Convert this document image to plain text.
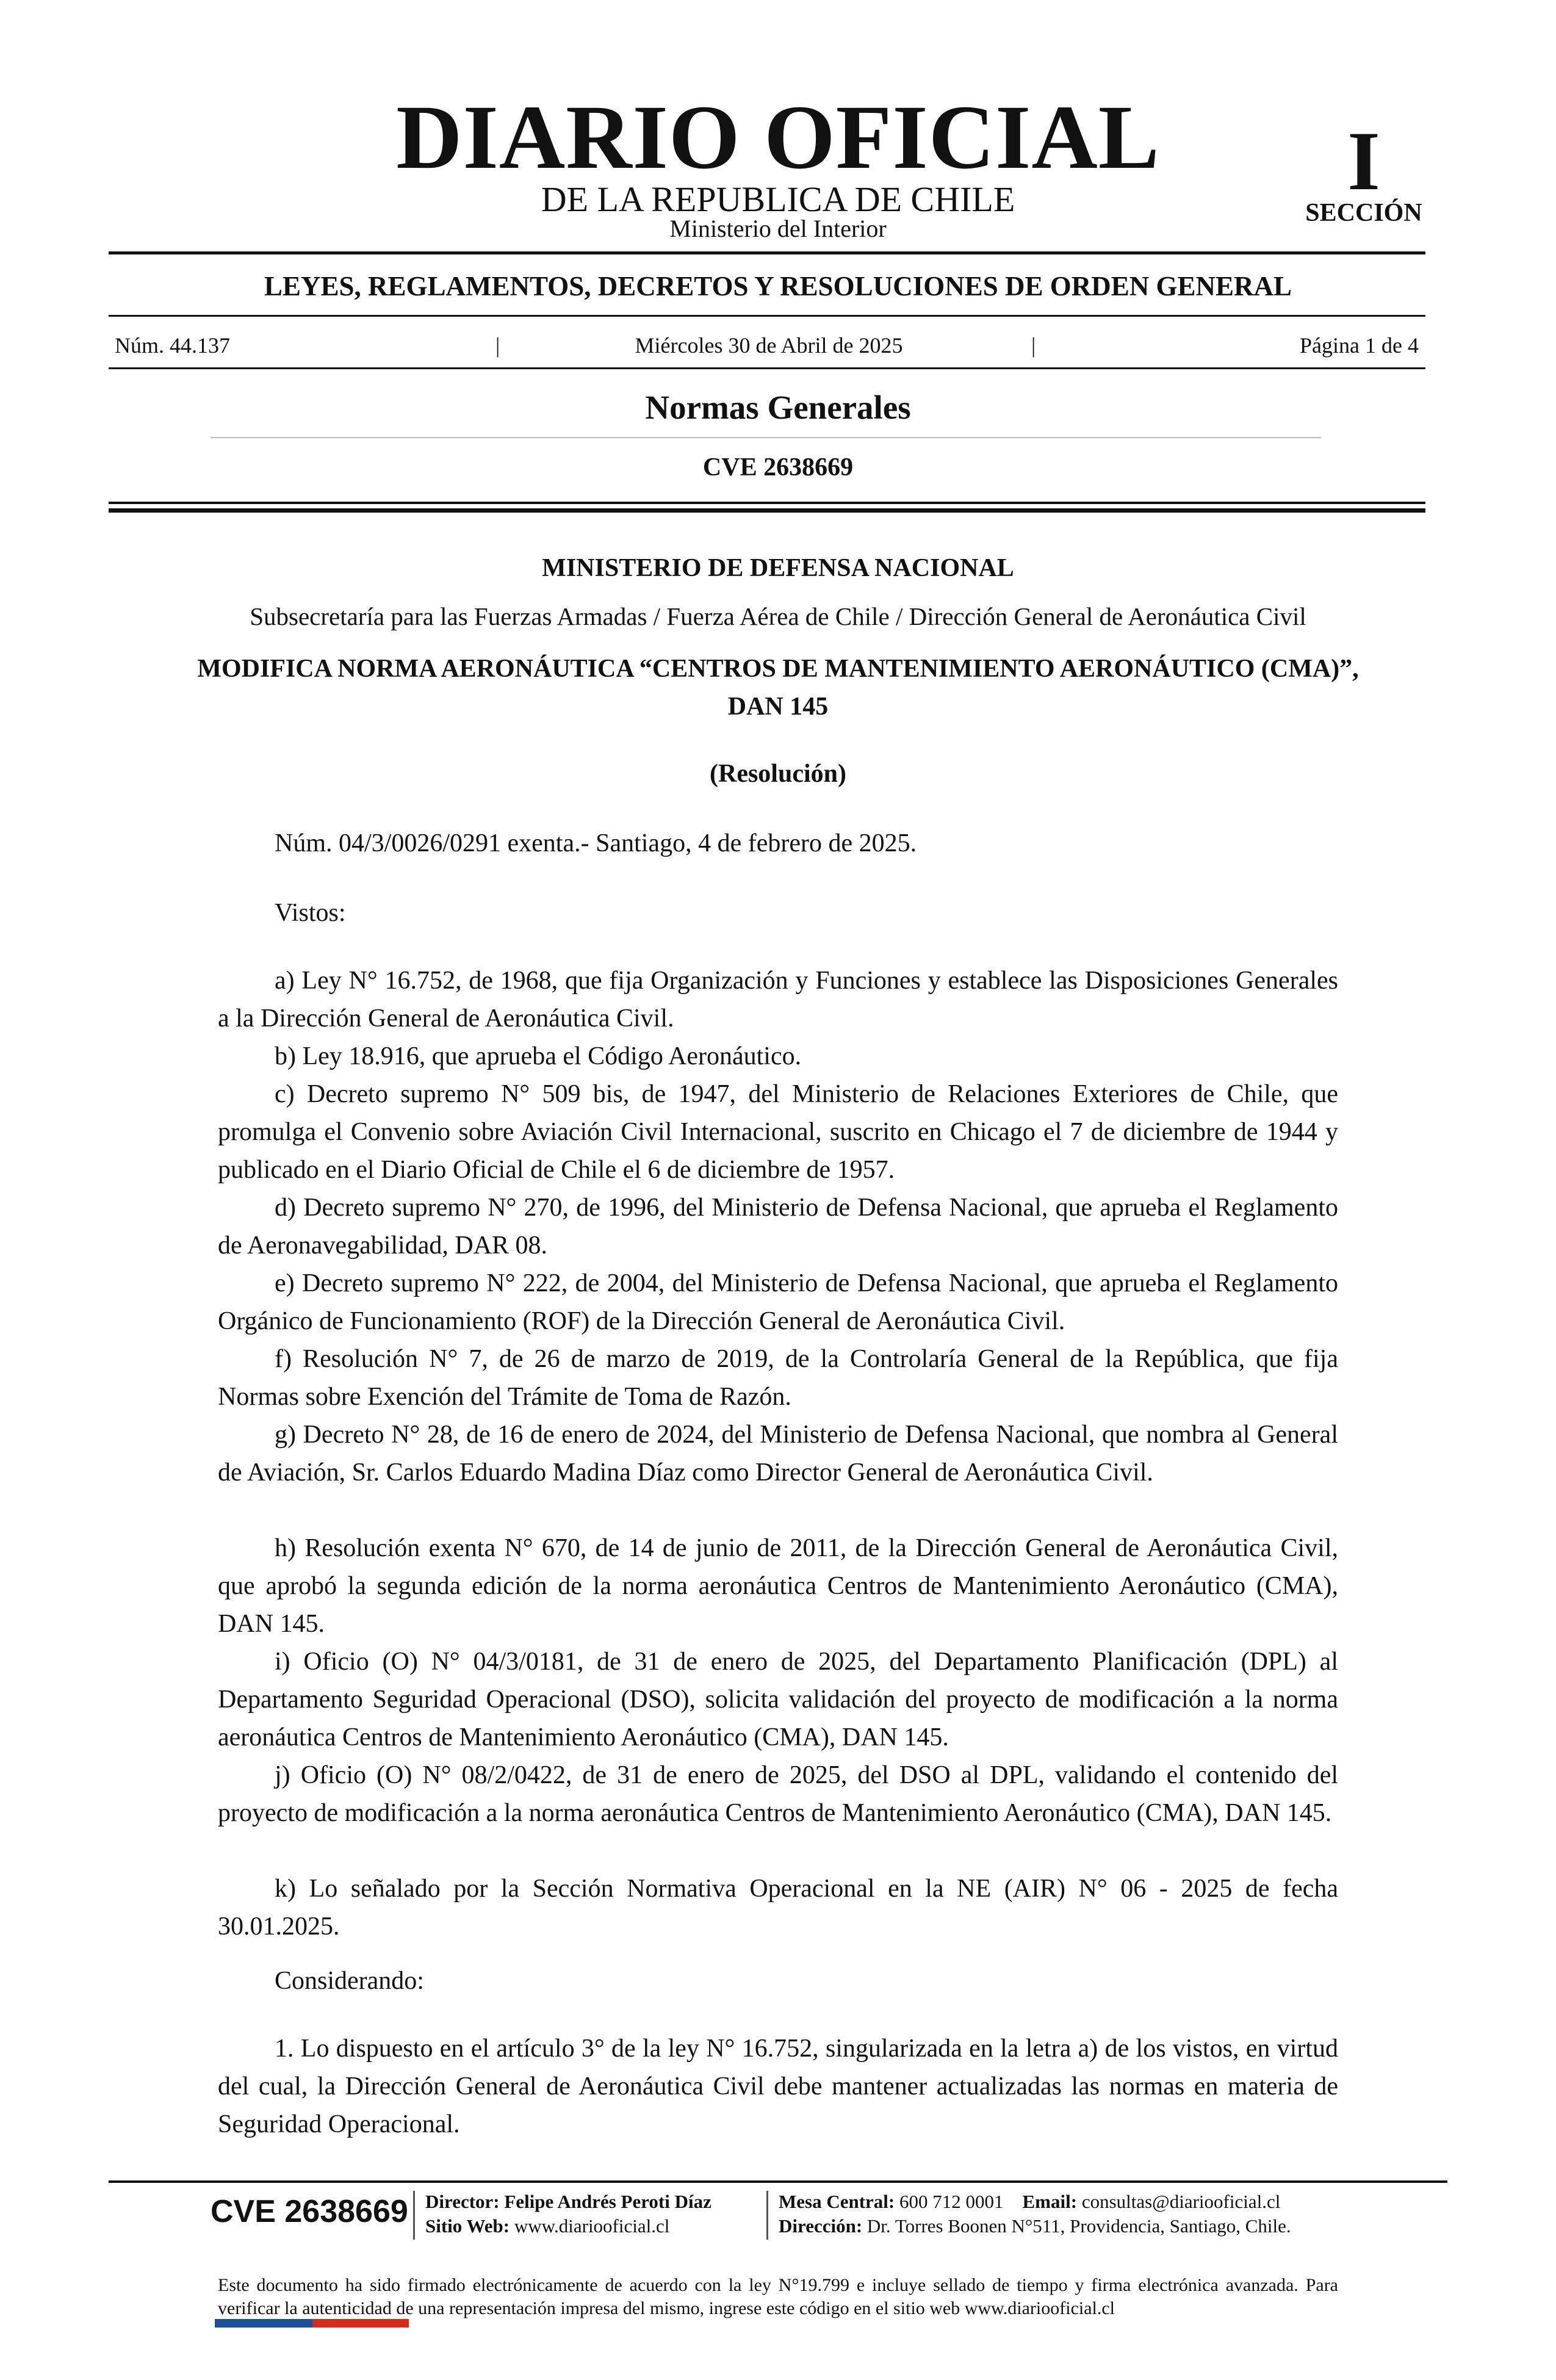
DIARIO OFICIAL
DE LA REPUBLICA DE CHILE
Ministerio del Interior
I
SECCIÓN
LEYES, REGLAMENTOS, DECRETOS Y RESOLUCIONES DE ORDEN GENERAL
Núm. 44.137	|	Miércoles 30 de Abril de 2025	|	Página 1 de 4
Normas Generales
CVE 2638669
MINISTERIO DE DEFENSA NACIONAL
Subsecretaría para las Fuerzas Armadas / Fuerza Aérea de Chile / Dirección General de Aeronáutica Civil
MODIFICA NORMA AERONÁUTICA “CENTROS DE MANTENIMIENTO AERONÁUTICO (CMA)”, DAN 145
(Resolución)
Núm. 04/3/0026/0291 exenta.- Santiago, 4 de febrero de 2025.
Vistos:
a) Ley N° 16.752, de 1968, que fija Organización y Funciones y establece las Disposiciones Generales a la Dirección General de Aeronáutica Civil.
b) Ley 18.916, que aprueba el Código Aeronáutico.
c) Decreto supremo N° 509 bis, de 1947, del Ministerio de Relaciones Exteriores de Chile, que promulga el Convenio sobre Aviación Civil Internacional, suscrito en Chicago el 7 de diciembre de 1944 y publicado en el Diario Oficial de Chile el 6 de diciembre de 1957.
d) Decreto supremo N° 270, de 1996, del Ministerio de Defensa Nacional, que aprueba el Reglamento de Aeronavegabilidad, DAR 08.
e) Decreto supremo N° 222, de 2004, del Ministerio de Defensa Nacional, que aprueba el Reglamento Orgánico de Funcionamiento (ROF) de la Dirección General de Aeronáutica Civil.
f) Resolución N° 7, de 26 de marzo de 2019, de la Controlaría General de la República, que fija Normas sobre Exención del Trámite de Toma de Razón.
g) Decreto N° 28, de 16 de enero de 2024, del Ministerio de Defensa Nacional, que nombra al General de Aviación, Sr. Carlos Eduardo Madina Díaz como Director General de Aeronáutica Civil.
h) Resolución exenta N° 670, de 14 de junio de 2011, de la Dirección General de Aeronáutica Civil, que aprobó la segunda edición de la norma aeronáutica Centros de Mantenimiento Aeronáutico (CMA), DAN 145.
i) Oficio (O) N° 04/3/0181, de 31 de enero de 2025, del Departamento Planificación (DPL) al Departamento Seguridad Operacional (DSO), solicita validación del proyecto de modificación a la norma aeronáutica Centros de Mantenimiento Aeronáutico (CMA), DAN 145.
j) Oficio (O) N° 08/2/0422, de 31 de enero de 2025, del DSO al DPL, validando el contenido del proyecto de modificación a la norma aeronáutica Centros de Mantenimiento Aeronáutico (CMA), DAN 145.
k) Lo señalado por la Sección Normativa Operacional en la NE (AIR) N° 06 - 2025 de fecha 30.01.2025.
Considerando:
1. Lo dispuesto en el artículo 3° de la ley N° 16.752, singularizada en la letra a) de los vistos, en virtud del cual, la Dirección General de Aeronáutica Civil debe mantener actualizadas las normas en materia de Seguridad Operacional.
CVE 2638669 Director: Felipe Andrés Peroti Díaz
Sitio Web: www.diariooficial.cl
Mesa Central: 600 712 0001 Email: consultas@diariooficial.cl
Dirección: Dr. Torres Boonen N°511, Providencia, Santiago, Chile.
Este documento ha sido firmado electrónicamente de acuerdo con la ley N°19.799 e incluye sellado de tiempo y firma electrónica avanzada. Para verificar la autenticidad de una representación impresa del mismo, ingrese este código en el sitio web www.diariooficial.cl
